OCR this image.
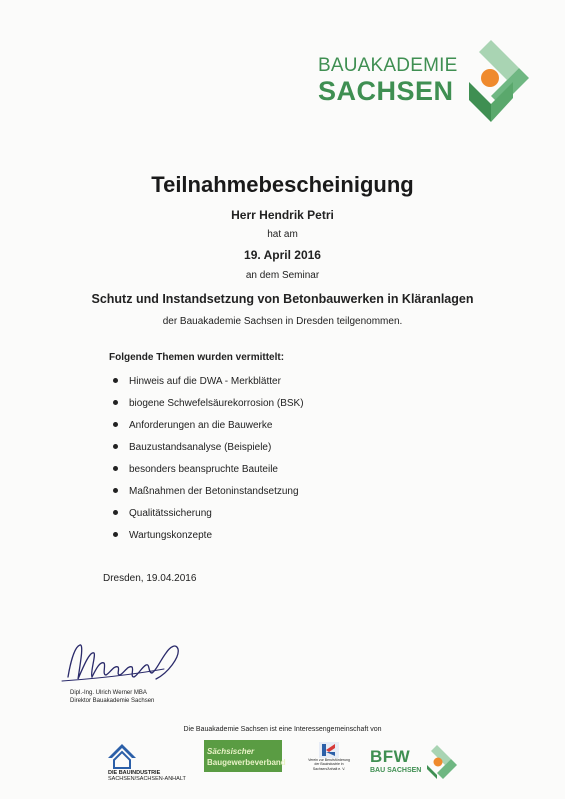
BAUAKADEMIE
SACHSEN
Teilnahmebescheinigung
Herr Hendrik Petri
hat am
19. April 2016
an dem Seminar
Schutz und Instandsetzung von Betonbauwerken in Kläranlagen
der Bauakademie Sachsen in Dresden teilgenommen.
Folgende Themen wurden vermittelt:
Hinweis auf die DWA - Merkblätter
biogene Schwefelsäurekorrosion (BSK)
Anforderungen an die Bauwerke
Bauzustandsanalyse (Beispiele)
besonders beanspruchte Bauteile
Maßnahmen der Betoninstandsetzung
Qualitätssicherung
Wartungskonzepte
Dresden, 19.04.2016
Dipl.-Ing. Ulrich Werner MBA
Direktor Bauakademie Sachsen
Die Bauakademie Sachsen ist eine Interessengemeinschaft von
DIE BAUINDUSTRIE
SACHSEN/SACHSEN-ANHALT
Sächsischer
Baugewerbeverband	Verein zur Berufsförderung
der Bauindustrie in
Sachsen/Anhalt e. V.
BFW
BAU SACHSEN
